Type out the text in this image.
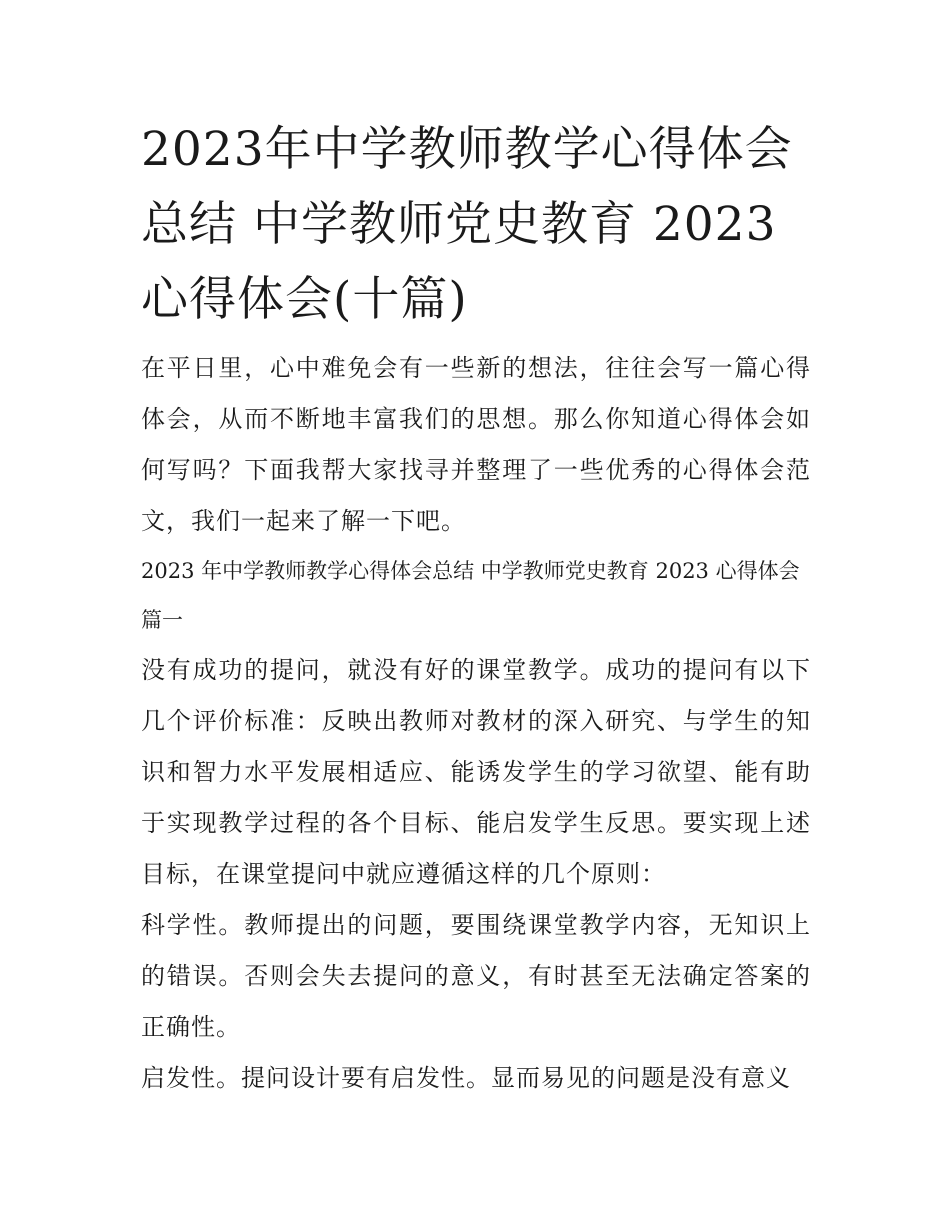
2023年中学教师教学心得体会总结 中学教师党史教育 2023心得体会(十篇)

在平日里，心中难免会有一些新的想法，往往会写一篇心得体会，从而不断地丰富我们的思想。那么你知道心得体会如何写吗？下面我帮大家找寻并整理了一些优秀的心得体会范文，我们一起来了解一下吧。

2023 年中学教师教学心得体会总结 中学教师党史教育 2023 心得体会篇一

没有成功的提问，就没有好的课堂教学。成功的提问有以下几个评价标准：反映出教师对教材的深入研究、与学生的知识和智力水平发展相适应、能诱发学生的学习欲望、能有助于实现教学过程的各个目标、能启发学生反思。要实现上述目标，在课堂提问中就应遵循这样的几个原则：

科学性。教师提出的问题，要围绕课堂教学内容，无知识上的错误。否则会失去提问的意义，有时甚至无法确定答案的正确性。

启发性。提问设计要有启发性。显而易见的问题是没有意义
